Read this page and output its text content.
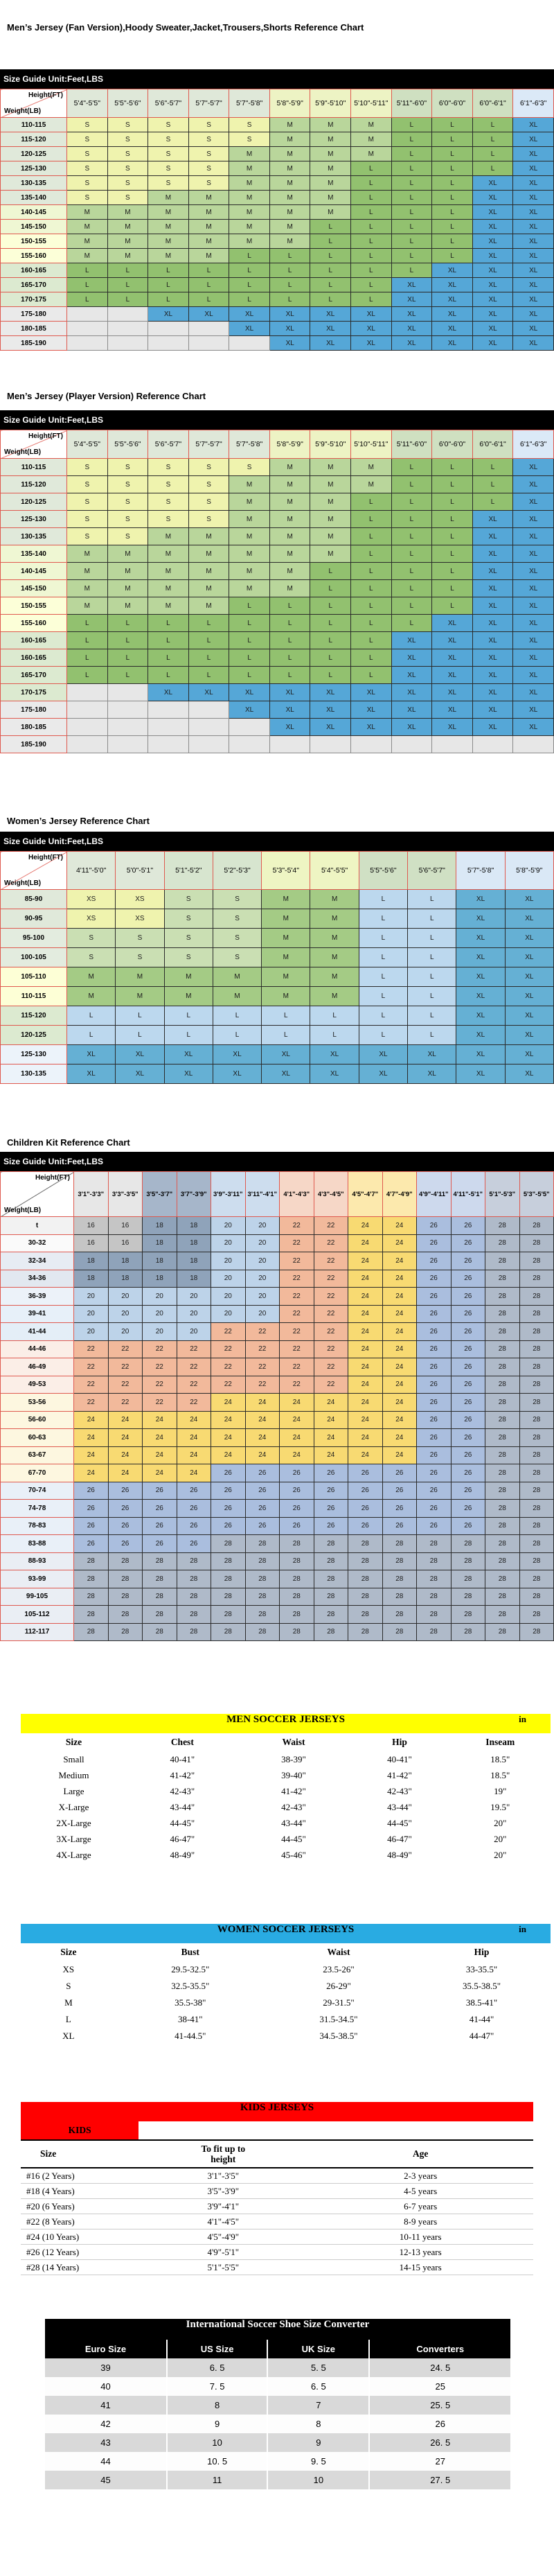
Men’s Jersey (Fan Version),Hoody Sweater,Jacket,Trousers,Shorts Reference Chart
Size Guide Unit:Feet,LBS
Height(FT)
Weight(LB)	5'4"-5'5"	5'5"-5'6"	5'6"-5'7"	5'7"-5'7"	5'7"-5'8"	5'8"-5'9"	5'9"-5'10"	5'10"-5'11"	5'11"-6'0"	6'0"-6'0"	6'0"-6'1"	6'1"-6'3"
110-115	S	S	S	S	S	M	M	M	L	L	L	XL
115-120	S	S	S	S	S	M	M	M	L	L	L	XL
120-125	S	S	S	S	M	M	M	M	L	L	L	XL
125-130	S	S	S	S	M	M	M	L	L	L	L	XL
130-135	S	S	S	S	M	M	M	L	L	L	XL	XL
135-140	S	S	M	M	M	M	M	L	L	L	XL	XL
140-145	M	M	M	M	M	M	M	L	L	L	XL	XL
145-150	M	M	M	M	M	M	L	L	L	L	XL	XL
150-155	M	M	M	M	M	M	L	L	L	L	XL	XL
155-160	M	M	M	M	L	L	L	L	L	L	XL	XL
160-165	L	L	L	L	L	L	L	L	L	XL	XL	XL
165-170	L	L	L	L	L	L	L	L	XL	XL	XL	XL
170-175	L	L	L	L	L	L	L	L	XL	XL	XL	XL
175-180			XL	XL	XL	XL	XL	XL	XL	XL	XL	XL
180-185					XL	XL	XL	XL	XL	XL	XL	XL
185-190						XL	XL	XL	XL	XL	XL	XL
Men’s Jersey (Player Version) Reference Chart
Size Guide Unit:Feet,LBS
Height(FT)
Weight(LB)	5'4"-5'5"	5'5"-5'6"	5'6"-5'7"	5'7"-5'7"	5'7"-5'8"	5'8"-5'9"	5'9"-5'10"	5'10"-5'11"	5'11"-6'0"	6'0"-6'0"	6'0"-6'1"	6'1"-6'3"
110-115	S	S	S	S	S	M	M	M	L	L	L	XL
115-120	S	S	S	S	M	M	M	M	L	L	L	XL
120-125	S	S	S	S	M	M	M	L	L	L	L	XL
125-130	S	S	S	S	M	M	M	L	L	L	XL	XL
130-135	S	S	M	M	M	M	M	L	L	L	XL	XL
135-140	M	M	M	M	M	M	M	L	L	L	XL	XL
140-145	M	M	M	M	M	M	L	L	L	L	XL	XL
145-150	M	M	M	M	M	M	L	L	L	L	XL	XL
150-155	M	M	M	M	L	L	L	L	L	L	XL	XL
155-160	L	L	L	L	L	L	L	L	L	XL	XL	XL
160-165	L	L	L	L	L	L	L	L	XL	XL	XL	XL
160-165	L	L	L	L	L	L	L	L	XL	XL	XL	XL
165-170	L	L	L	L	L	L	L	L	XL	XL	XL	XL
170-175			XL	XL	XL	XL	XL	XL	XL	XL	XL	XL
175-180					XL	XL	XL	XL	XL	XL	XL	XL
180-185						XL	XL	XL	XL	XL	XL	XL
185-190												
Women’s Jersey Reference Chart
Size Guide Unit:Feet,LBS
Height(FT)
Weight(LB)	4'11"-5'0"	5'0"-5'1"	5'1"-5'2"	5'2"-5'3"	5'3"-5'4"	5'4"-5'5"	5'5"-5'6"	5'6"-5'7"	5'7"-5'8"	5'8"-5'9"
85-90	XS	XS	S	S	M	M	L	L	XL	XL
90-95	XS	XS	S	S	M	M	L	L	XL	XL
95-100	S	S	S	S	M	M	L	L	XL	XL
100-105	S	S	S	S	M	M	L	L	XL	XL
105-110	M	M	M	M	M	M	L	L	XL	XL
110-115	M	M	M	M	M	M	L	L	XL	XL
115-120	L	L	L	L	L	L	L	L	XL	XL
120-125	L	L	L	L	L	L	L	L	XL	XL
125-130	XL	XL	XL	XL	XL	XL	XL	XL	XL	XL
130-135	XL	XL	XL	XL	XL	XL	XL	XL	XL	XL
Children Kit Reference Chart
Size Guide Unit:Feet,LBS
Height(FT)
Weight(LB)	3'1"-3'3"	3'3"-3'5"	3'5"-3'7"	3'7"-3'9"	3'9"-3'11"	3'11"-4'1"	4'1"-4'3"	4'3"-4'5"	4'5"-4'7"	4'7"-4'9"	4'9"-4'11"	4'11"-5'1"	5'1"-5'3"	5'3"-5'5"
t	16	16	18	18	20	20	22	22	24	24	26	26	28	28
30-32	16	16	18	18	20	20	22	22	24	24	26	26	28	28
32-34	18	18	18	18	20	20	22	22	24	24	26	26	28	28
34-36	18	18	18	18	20	20	22	22	24	24	26	26	28	28
36-39	20	20	20	20	20	20	22	22	24	24	26	26	28	28
39-41	20	20	20	20	20	20	22	22	24	24	26	26	28	28
41-44	20	20	20	20	22	22	22	22	24	24	26	26	28	28
44-46	22	22	22	22	22	22	22	22	24	24	26	26	28	28
46-49	22	22	22	22	22	22	22	22	24	24	26	26	28	28
49-53	22	22	22	22	22	22	22	22	24	24	26	26	28	28
53-56	22	22	22	22	24	24	24	24	24	24	26	26	28	28
56-60	24	24	24	24	24	24	24	24	24	24	26	26	28	28
60-63	24	24	24	24	24	24	24	24	24	24	26	26	28	28
63-67	24	24	24	24	24	24	24	24	24	24	26	26	28	28
67-70	24	24	24	24	26	26	26	26	26	26	26	26	28	28
70-74	26	26	26	26	26	26	26	26	26	26	26	26	28	28
74-78	26	26	26	26	26	26	26	26	26	26	26	26	28	28
78-83	26	26	26	26	26	26	26	26	26	26	26	26	28	28
83-88	26	26	26	26	28	28	28	28	28	28	28	28	28	28
88-93	28	28	28	28	28	28	28	28	28	28	28	28	28	28
93-99	28	28	28	28	28	28	28	28	28	28	28	28	28	28
99-105	28	28	28	28	28	28	28	28	28	28	28	28	28	28
105-112	28	28	28	28	28	28	28	28	28	28	28	28	28	28
112-117	28	28	28	28	28	28	28	28	28	28	28	28	28	28
MEN SOCCER JERSEYS	in
Size	Chest	Waist	Hip	Inseam
Small	40-41"	38-39"	40-41"	18.5"
Medium	41-42"	39-40"	41-42"	18.5"
Large	42-43"	41-42"	42-43"	19"
X-Large	43-44"	42-43"	43-44"	19.5"
2X-Large	44-45"	43-44"	44-45"	20"
3X-Large	46-47"	44-45"	46-47"	20"
4X-Large	48-49"	45-46"	48-49"	20"
WOMEN SOCCER JERSEYS	in
Size	Bust	Waist	Hip
XS	29.5-32.5"	23.5-26"	33-35.5"
S	32.5-35.5"	26-29"	35.5-38.5"
M	35.5-38"	29-31.5"	38.5-41"
L	38-41"	31.5-34.5"	41-44"
XL	41-44.5"	34.5-38.5"	44-47"
KIDS JERSEYS
KIDS		
Size	To fit up to height	Age
#16 (2 Years)	3'1"-3'5"	2-3 years
#18 (4 Years)	3'5"-3'9"	4-5 years
#20 (6 Years)	3'9"-4'1"	6-7 years
#22 (8 Years)	4'1"-4'5"	8-9 years
#24 (10 Years)	4'5"-4'9"	10-11 years
#26 (12 Years)	4'9"-5'1"	12-13 years
#28 (14 Years)	5'1"-5'5"	14-15 years
International Soccer Shoe Size Converter
Euro Size	US Size	UK Size	Converters
39	6. 5	5. 5	24. 5
40	7. 5	6. 5	25
41	8	7	25. 5
42	9	8	26
43	10	9	26. 5
44	10. 5	9. 5	27
45	11	10	27. 5
